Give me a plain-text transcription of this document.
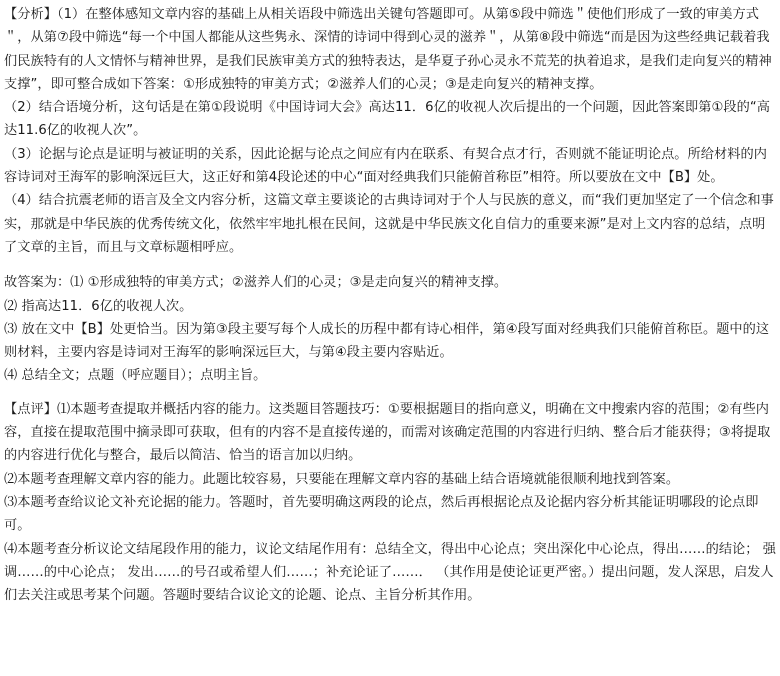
【分析】（1）在整体感知文章内容的基础上从相关语段中筛选出关键句答题即可。从第⑤段中筛选＂使他们形成了一致的审美方式＂，从第⑦段中筛选“每一个中国人都能从这些隽永、深情的诗词中得到心灵的滋养＂，从第⑧段中筛选“而是因为这些经典记载着我们民族特有的人文情怀与精神世界，是我们民族审美方式的独特表达，是华夏子孙心灵永不荒芜的执着追求，是我们走向复兴的精神支撑”，即可整合成如下答案：①形成独特的审美方式；②滋养人们的心灵；③是走向复兴的精神支撑。

（2）结合语境分析，这句话是在第①段说明《中国诗词大会》高达11．6亿的收视人次后提出的一个问题，因此答案即第①段的“高达11.6亿的收视人次”。

（3）论据与论点是证明与被证明的关系，因此论据与论点之间应有内在联系、有契合点才行，否则就不能证明论点。所给材料的内容诗词对王海军的影响深远巨大，这正好和第4段论述的中心“面对经典我们只能俯首称臣”相符。所以要放在文中【B】处。

（4）结合抗震老师的语言及全文内容分析，这篇文章主要谈论的古典诗词对于个人与民族的意义，而“我们更加坚定了一个信念和事实，那就是中华民族的优秀传统文化，依然牢牢地扎根在民间，这就是中华民族文化自信力的重要来源”是对上文内容的总结，点明了文章的主旨，而且与文章标题相呼应。

故答案为：⑴ ①形成独特的审美方式；②滋养人们的心灵；③是走向复兴的精神支撑。

⑵ 指高达11．6亿的收视人次。

⑶ 放在文中【B】处更恰当。因为第③段主要写每个人成长的历程中都有诗心相伴，第④段写面对经典我们只能俯首称臣。题中的这则材料，主要内容是诗词对王海军的影响深远巨大，与第④段主要内容贴近。

⑷ 总结全文；点题（呼应题目）；点明主旨。

【点评】⑴本题考查提取并概括内容的能力。这类题目答题技巧：①要根据题目的指向意义，明确在文中搜索内容的范围；②有些内容，直接在提取范围中摘录即可获取，但有的内容不是直接传递的，而需对该确定范围的内容进行归纳、整合后才能获得；③将提取的内容进行优化与整合，最后以简洁、恰当的语言加以归纳。

⑵本题考查理解文章内容的能力。此题比较容易，只要能在理解文章内容的基础上结合语境就能很顺利地找到答案。

⑶本题考查给议论文补充论据的能力。答题时，首先要明确这两段的论点，然后再根据论点及论据内容分析其能证明哪段的论点即可。

⑷本题考查分析议论文结尾段作用的能力，议论文结尾作用有：总结全文，得出中心论点；突出深化中心论点，得出……的结论； 强调……的中心论点； 发出……的号召或希望人们……；补充论证了……． （其作用是使论证更严密。）提出问题，发人深思，启发人们去关注或思考某个问题。答题时要结合议论文的论题、论点、主旨分析其作用。
